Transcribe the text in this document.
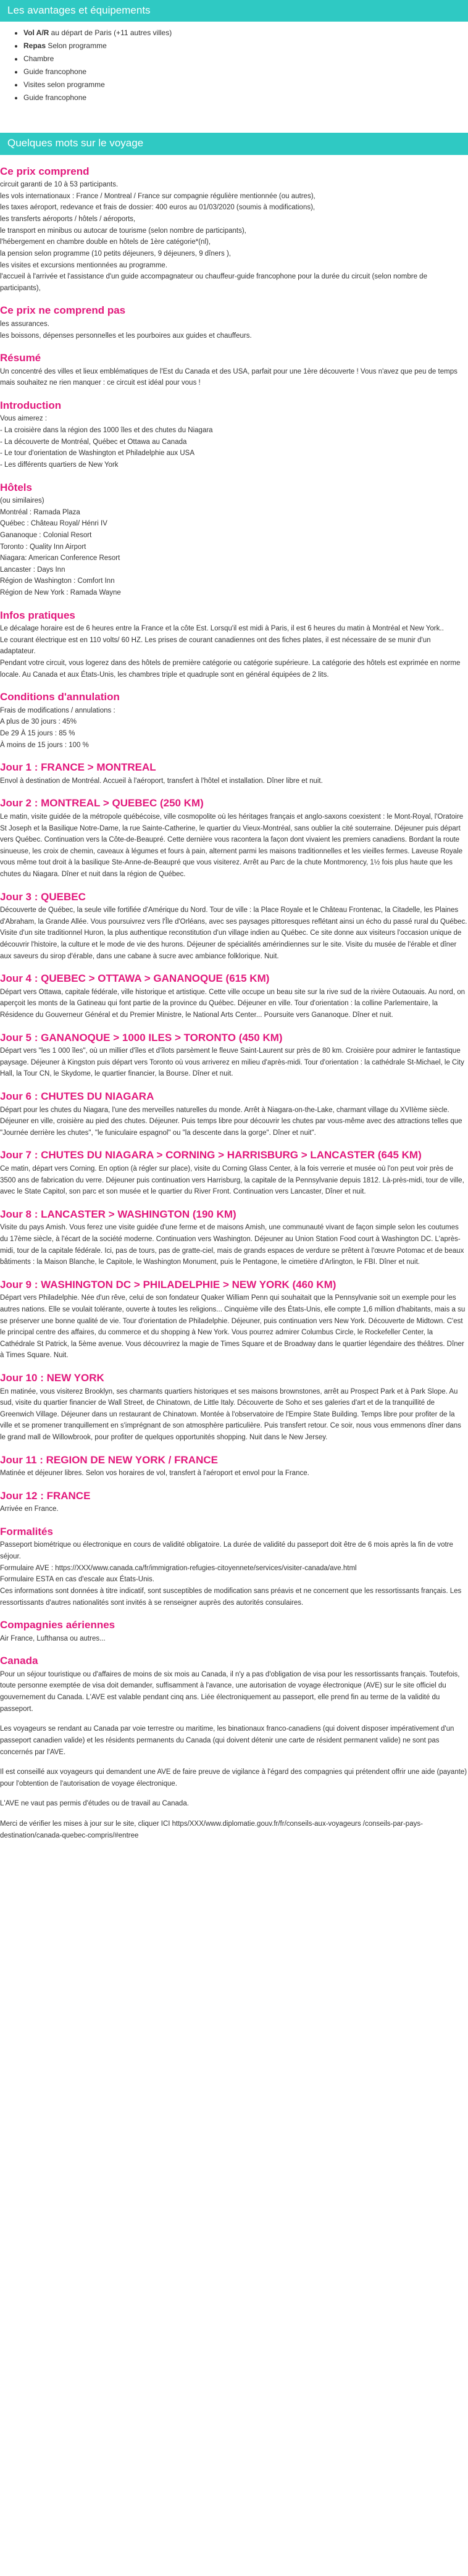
Les avantages et équipements
• Vol A/R au départ de Paris (+11 autres villes)
• Repas Selon programme
• Chambre
• Guide francophone
• Visites selon programme
• Guide francophone
Quelques mots sur le voyage
Ce prix comprend

circuit garanti de 10 à 53 participants.

les vols internationaux : France / Montreal / France sur compagnie régulière mentionnée (ou autres),

les taxes aéroport, redevance et frais de dossier: 400 euros au 01/03/2020 (soumis à modifications),

les transferts aéroports / hôtels / aéroports,

le transport en minibus ou autocar de tourisme (selon nombre de participants),

l'hébergement en chambre double en hôtels de 1ère catégorie*(nl),

la pension selon programme (10 petits déjeuners, 9 déjeuners, 9 dîners ),

les visites et excursions mentionnées au programme.

l'accueil à l'arrivée et l'assistance d'un guide accompagnateur ou chauffeur-guide francophone pour la durée du circuit (selon nombre de participants),

Ce prix ne comprend pas

les assurances.

les boissons, dépenses personnelles et les pourboires aux guides et chauffeurs.

Résumé

Un concentré des villes et lieux emblématiques de l'Est du Canada et des USA, parfait pour une 1ère découverte ! Vous n'avez que peu de temps mais souhaitez ne rien manquer : ce circuit est idéal pour vous !

Introduction

Vous aimerez :

- La croisière dans la région des 1000 îles et des chutes du Niagara

- La découverte de Montréal, Québec et Ottawa au Canada

- Le tour d'orientation de Washington et Philadelphie aux USA

- Les différents quartiers de New York

Hôtels

(ou similaires)

Montréal : Ramada Plaza

Québec : Château Royal/ Hénri IV

Gananoque : Colonial Resort

Toronto : Quality Inn Airport

Niagara: American Conference Resort

Lancaster : Days Inn

Région de Washington : Comfort Inn

Région de New York : Ramada Wayne

Infos pratiques

Le décalage horaire est de 6 heures entre la France et la côte Est. Lorsqu'il est midi à Paris, il est 6 heures du matin à Montréal et New York..

Le courant électrique est en 110 volts/ 60 HZ. Les prises de courant canadiennes ont des fiches plates, il est nécessaire de se munir d'un adaptateur.

Pendant votre circuit, vous logerez dans des hôtels de première catégorie ou catégorie supérieure. La catégorie des hôtels est exprimée en norme locale. Au Canada et aux États-Unis, les chambres triple et quadruple sont en général équipées de 2 lits.

Conditions d'annulation

Frais de modifications / annulations :

A plus de 30 jours : 45%

De 29 À 15 jours : 85 %

À moins de 15 jours : 100 %

Jour 1 : FRANCE > MONTREAL

Envol à destination de Montréal. Accueil à l'aéroport, transfert à l'hôtel et installation. Dîner libre et nuit.

Jour 2 : MONTREAL > QUEBEC (250 KM)

Le matin, visite guidée de la métropole québécoise, ville cosmopolite où les héritages français et anglo-saxons coexistent : le Mont-Royal, l'Oratoire St Joseph et la Basilique Notre-Dame, la rue Sainte-Catherine, le quartier du Vieux-Montréal, sans oublier la cité souterraine. Déjeuner puis départ vers Québec. Continuation vers la Côte-de-Beaupré. Cette dernière vous racontera la façon dont vivaient les premiers canadiens. Bordant la route sinueuse, les croix de chemin, caveaux à légumes et fours à pain, alternent parmi les maisons traditionnelles et les vieilles fermes. Laveuse Royale vous même tout droit à la basilique Ste-Anne-de-Beaupré que vous visiterez. Arrêt au Parc de la chute Montmorency, 1½ fois plus haute que les chutes du Niagara. Dîner et nuit dans la région de Québec.

Jour 3 : QUEBEC

Découverte de Québec, la seule ville fortifiée d'Amérique du Nord. Tour de ville : la Place Royale et le Château Frontenac, la Citadelle, les Plaines d'Abraham, la Grande Allée. Vous poursuivrez vers l'Île d'Orléans, avec ses paysages pittoresques reflétant ainsi un écho du passé rural du Québec. Visite d'un site traditionnel Huron, la plus authentique reconstitution d'un village indien au Québec. Ce site donne aux visiteurs l'occasion unique de découvrir l'histoire, la culture et le mode de vie des hurons. Déjeuner de spécialités amérindiennes sur le site. Visite du musée de l'érable et dîner aux saveurs du sirop d'érable, dans une cabane à sucre avec ambiance folklorique. Nuit.

Jour 4 : QUEBEC > OTTAWA > GANANOQUE (615 KM)

Départ vers Ottawa, capitale fédérale, ville historique et artistique. Cette ville occupe un beau site sur la rive sud de la rivière Outaouais. Au nord, on aperçoit les monts de la Gatineau qui font partie de la province du Québec. Déjeuner en ville. Tour d'orientation : la colline Parlementaire, la Résidence du Gouverneur Général et du Premier Ministre, le National Arts Center... Poursuite vers Gananoque. Dîner et nuit.

Jour 5 : GANANOQUE > 1000 ILES > TORONTO (450 KM)

Départ vers "les 1 000 îles", où un millier d'îles et d'îlots parsèment le fleuve Saint-Laurent sur près de 80 km. Croisière pour admirer le fantastique paysage. Déjeuner à Kingston puis départ vers Toronto où vous arriverez en milieu d'après-midi. Tour d'orientation : la cathédrale St-Michael, le City Hall, la Tour CN, le Skydome, le quartier financier, la Bourse. Dîner et nuit.

Jour 6 : CHUTES DU NIAGARA

Départ pour les chutes du Niagara, l'une des merveilles naturelles du monde. Arrêt à Niagara-on-the-Lake, charmant village du XVIIème siècle. Déjeuner en ville, croisière au pied des chutes. Déjeuner. Puis temps libre pour découvrir les chutes par vous-même avec des attractions telles que "Journée derrière les chutes", "le funiculaire espagnol" ou "la descente dans la gorge". Dîner et nuit".

Jour 7 : CHUTES DU NIAGARA > CORNING > HARRISBURG > LANCASTER (645 KM)

Ce matin, départ vers Corning. En option (à régler sur place), visite du Corning Glass Center, à la fois verrerie et musée où l'on peut voir près de 3500 ans de fabrication du verre. Déjeuner puis continuation vers Harrisburg, la capitale de la Pennsylvanie depuis 1812. Là-près-midi, tour de ville, avec le State Capitol, son parc et son musée et le quartier du River Front. Continuation vers Lancaster, Dîner et nuit.

Jour 8 : LANCASTER > WASHINGTON (190 KM)

Visite du pays Amish. Vous ferez une visite guidée d'une ferme et de maisons Amish, une communauté vivant de façon simple selon les coutumes du 17ème siècle, à l'écart de la société moderne. Continuation vers Washington. Déjeuner au Union Station Food court à Washington DC. L'après-midi, tour de la capitale fédérale. Ici, pas de tours, pas de gratte-ciel, mais de grands espaces de verdure se prêtent à l'œuvre Potomac et de beaux bâtiments : la Maison Blanche, le Capitole, le Washington Monument, puis le Pentagone, le cimetière d'Arlington, le FBI. Dîner et nuit.

Jour 9 : WASHINGTON DC > PHILADELPHIE > NEW YORK (460 KM)

Départ vers Philadelphie. Née d'un rêve, celui de son fondateur Quaker William Penn qui souhaitait que la Pennsylvanie soit un exemple pour les autres nations. Elle se voulait tolérante, ouverte à toutes les religions... Cinquième ville des États-Unis, elle compte 1,6 million d'habitants, mais a su se préserver une bonne qualité de vie. Tour d'orientation de Philadelphie. Déjeuner, puis continuation vers New York. Découverte de Midtown. C'est le principal centre des affaires, du commerce et du shopping à New York. Vous pourrez admirer Columbus Circle, le Rockefeller Center, la Cathédrale St Patrick, la 5ème avenue. Vous découvrirez la magie de Times Square et de Broadway dans le quartier légendaire des théâtres. Dîner à Times Square. Nuit.

Jour 10 : NEW YORK

En matinée, vous visiterez Brooklyn, ses charmants quartiers historiques et ses maisons brownstones, arrêt au Prospect Park et à Park Slope. Au sud, visite du quartier financier de Wall Street, de Chinatown, de Little Italy. Découverte de Soho et ses galeries d'art et de la tranquillité de Greenwich Village. Déjeuner dans un restaurant de Chinatown. Montée à l'observatoire de l'Empire State Building. Temps libre pour profiter de la ville et se promener tranquillement en s'imprégnant de son atmosphère particulière. Puis transfert retour. Ce soir, nous vous emmenons dîner dans le grand mall de Willowbrook, pour profiter de quelques opportunités shopping. Nuit dans le New Jersey.

Jour 11 : REGION DE NEW YORK / FRANCE

Matinée et déjeuner libres. Selon vos horaires de vol, transfert à l'aéroport et envol pour la France.

Jour 12 : FRANCE

Arrivée en France.

Formalités

Passeport biométrique ou électronique en cours de validité obligatoire. La durée de validité du passeport doit être de 6 mois après la fin de votre séjour.

Formulaire AVE : https://XXX/www.canada.ca/fr/immigration-refugies-citoyennete/services/visiter-canada/ave.html

Formulaire ESTA en cas d'escale aux États-Unis.

Ces informations sont données à titre indicatif, sont susceptibles de modification sans préavis et ne concernent que les ressortissants français. Les ressortissants d'autres nationalités sont invités à se renseigner auprès des autorités consulaires.

Compagnies aériennes

Air France, Lufthansa ou autres...

Canada

Pour un séjour touristique ou d'affaires de moins de six mois au Canada, il n'y a pas d'obligation de visa pour les ressortissants français. Toutefois, toute personne exemptée de visa doit demander, suffisamment à l'avance, une autorisation de voyage électronique (AVE) sur le site officiel du gouvernement du Canada. L'AVE est valable pendant cinq ans. Liée électroniquement au passeport, elle prend fin au terme de la validité du passeport.

Les voyageurs se rendant au Canada par voie terrestre ou maritime, les binationaux franco-canadiens (qui doivent disposer impérativement d'un passeport canadien valide) et les résidents permanents du Canada (qui doivent détenir une carte de résident permanent valide) ne sont pas concernés par l'AVE.

Il est conseillé aux voyageurs qui demandent une AVE de faire preuve de vigilance à l'égard des compagnies qui prétendent offrir une aide (payante) pour l'obtention de l'autorisation de voyage électronique.

L'AVE ne vaut pas permis d'études ou de travail au Canada.

Merci de vérifier les mises à jour sur le site, cliquer ICI https/XXX/www.diplomatie.gouv.fr/fr/conseils-aux-voyageurs /conseils-par-pays-destination/canada-quebec-compris/#entree
